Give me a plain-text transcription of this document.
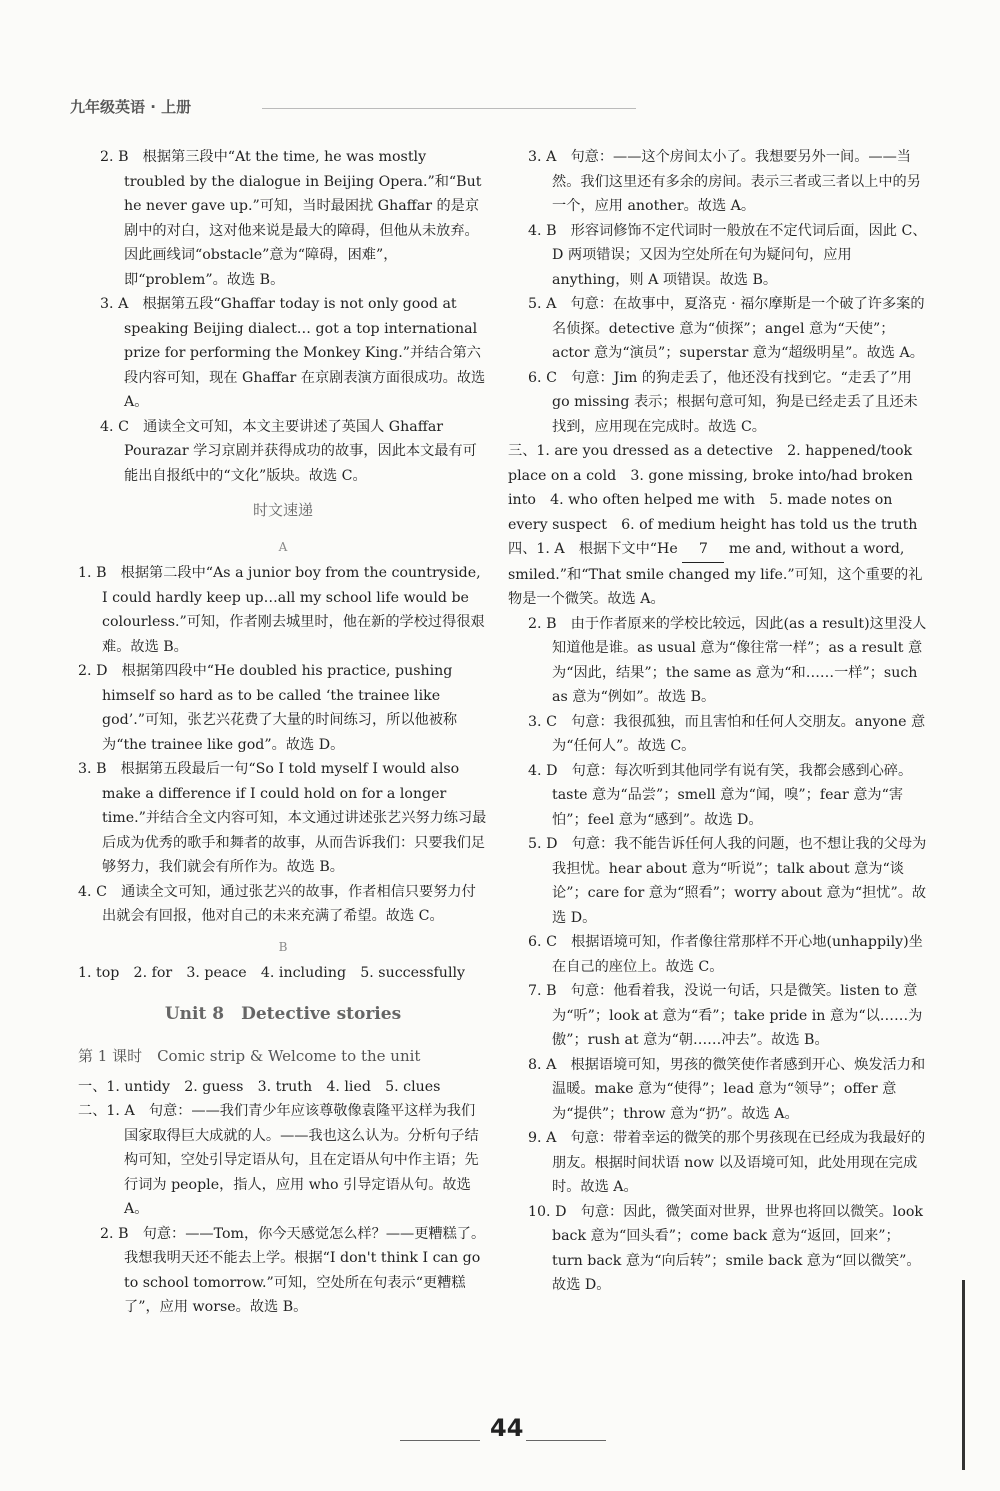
九年级英语 · 上册
2. B　根据第三段中“At the time, he was mostly troubled by the dialogue in Beijing Opera.”和“But he never gave up.”可知，当时最困扰 Ghaffar 的是京剧中的对白，这对他来说是最大的障碍，但他从未放弃。因此画线词“obstacle”意为“障碍，困难”，即“problem”。故选 B。
3. A　根据第五段“Ghaffar today is not only good at speaking Beijing dialect… got a top international prize for performing the Monkey King.”并结合第六段内容可知，现在 Ghaffar 在京剧表演方面很成功。故选 A。
4. C　通读全文可知，本文主要讲述了英国人 Ghaffar Pourazar 学习京剧并获得成功的故事，因此本文最有可能出自报纸中的“文化”版块。故选 C。
时文速递
A
1. B　根据第二段中“As a junior boy from the countryside, I could hardly keep up…all my school life would be colourless.”可知，作者刚去城里时，他在新的学校过得很艰难。故选 B。
2. D　根据第四段中“He doubled his practice, pushing himself so hard as to be called ‘the trainee like god’.”可知，张艺兴花费了大量的时间练习，所以他被称为“the trainee like god”。故选 D。
3. B　根据第五段最后一句“So I told myself I would also make a difference if I could hold on for a longer time.”并结合全文内容可知，本文通过讲述张艺兴努力练习最后成为优秀的歌手和舞者的故事，从而告诉我们：只要我们足够努力，我们就会有所作为。故选 B。
4. C　通读全文可知，通过张艺兴的故事，作者相信只要努力付出就会有回报，他对自己的未来充满了希望。故选 C。
B
1. top　2. for　3. peace　4. including　5. successfully
Unit 8　Detective stories
第 1 课时　Comic strip & Welcome to the unit
一、1. untidy　2. guess　3. truth　4. lied　5. clues
二、1. A　句意：——我们青少年应该尊敬像袁隆平这样为我们国家取得巨大成就的人。——我也这么认为。分析句子结构可知，空处引导定语从句，且在定语从句中作主语；先行词为 people，指人，应用 who 引导定语从句。故选 A。
2. B　句意：——Tom，你今天感觉怎么样？——更糟糕了。我想我明天还不能去上学。根据“I don't think I can go to school tomorrow.”可知，空处所在句表示“更糟糕了”，应用 worse。故选 B。
3. A　句意：——这个房间太小了。我想要另外一间。——当然。我们这里还有多余的房间。表示三者或三者以上中的另一个，应用 another。故选 A。
4. B　形容词修饰不定代词时一般放在不定代词后面，因此 C、D 两项错误；又因为空处所在句为疑问句，应用 anything，则 A 项错误。故选 B。
5. A　句意：在故事中，夏洛克 · 福尔摩斯是一个破了许多案的名侦探。detective 意为“侦探”；angel 意为“天使”；actor 意为“演员”；superstar 意为“超级明星”。故选 A。
6. C　句意：Jim 的狗走丢了，他还没有找到它。“走丢了”用 go missing 表示；根据句意可知，狗是已经走丢了且还未找到，应用现在完成时。故选 C。
三、1. are you dressed as a detective　2. happened/took place on a cold　3. gone missing, broke into/had broken into　4. who often helped me with　5. made notes on every suspect　6. of medium height has told us the truth
四、1. A　根据下文中“He 7 me and, without a word, smiled.”和“That smile changed my life.”可知，这个重要的礼物是一个微笑。故选 A。
2. B　由于作者原来的学校比较远，因此(as a result)这里没人知道他是谁。as usual 意为“像往常一样”；as a result 意为“因此，结果”；the same as 意为“和……一样”；such as 意为“例如”。故选 B。
3. C　句意：我很孤独，而且害怕和任何人交朋友。anyone 意为“任何人”。故选 C。
4. D　句意：每次听到其他同学有说有笑，我都会感到心碎。taste 意为“品尝”；smell 意为“闻，嗅”；fear 意为“害怕”；feel 意为“感到”。故选 D。
5. D　句意：我不能告诉任何人我的问题，也不想让我的父母为我担忧。hear about 意为“听说”；talk about 意为“谈论”；care for 意为“照看”；worry about 意为“担忧”。故选 D。
6. C　根据语境可知，作者像往常那样不开心地(unhappily)坐在自己的座位上。故选 C。
7. B　句意：他看着我，没说一句话，只是微笑。listen to 意为“听”；look at 意为“看”；take pride in 意为“以……为傲”；rush at 意为“朝……冲去”。故选 B。
8. A　根据语境可知，男孩的微笑使作者感到开心、焕发活力和温暖。make 意为“使得”；lead 意为“领导”；offer 意为“提供”；throw 意为“扔”。故选 A。
9. A　句意：带着幸运的微笑的那个男孩现在已经成为我最好的朋友。根据时间状语 now 以及语境可知，此处用现在完成时。故选 A。
10. D　句意：因此，微笑面对世界，世界也将回以微笑。look back 意为“回头看”；come back 意为“返回，回来”；turn back 意为“向后转”；smile back 意为“回以微笑”。故选 D。
44
